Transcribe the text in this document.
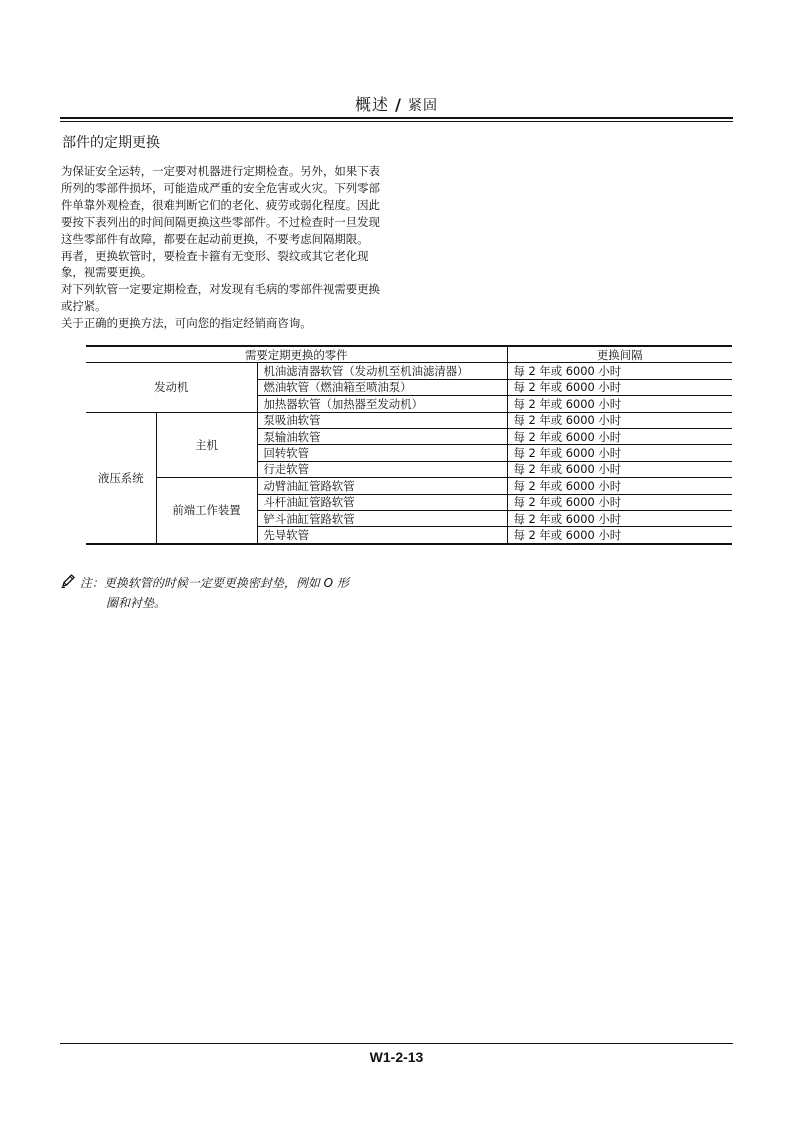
概述 / 紧固
部件的定期更换

为保证安全运转，一定要对机器进行定期检查。另外，如果下表所列的零部件损坏，可能造成严重的安全危害或火灾。下列零部件单靠外观检查，很难判断它们的老化、疲劳或弱化程度。因此要按下表列出的时间间隔更换这些零部件。不过检查时一旦发现这些零部件有故障，都要在起动前更换，不要考虑间隔期限。

再者，更换软管时，要检查卡箍有无变形、裂纹或其它老化现象，视需要更换。

对下列软管一定要定期检查，对发现有毛病的零部件视需要更换或拧紧。

关于正确的更换方法，可向您的指定经销商咨询。

需要定期更换的零件			更换间隔
发动机		机油滤清器软管（发动机至机油滤清器）	每 2 年或 6000 小时
		燃油软管（燃油箱至喷油泵）	每 2 年或 6000 小时
		加热器软管（加热器至发动机）	每 2 年或 6000 小时
液压系统	主机	泵吸油软管	每 2 年或 6000 小时
		泵输油软管	每 2 年或 6000 小时
		回转软管	每 2 年或 6000 小时
		行走软管	每 2 年或 6000 小时
	前端工作装置	动臂油缸管路软管	每 2 年或 6000 小时
		斗杆油缸管路软管	每 2 年或 6000 小时
		铲斗油缸管路软管	每 2 年或 6000 小时
		先导软管	每 2 年或 6000 小时
注：更换软管的时候一定要更换密封垫，例如 O 形
圈和衬垫。
W1-2-13
